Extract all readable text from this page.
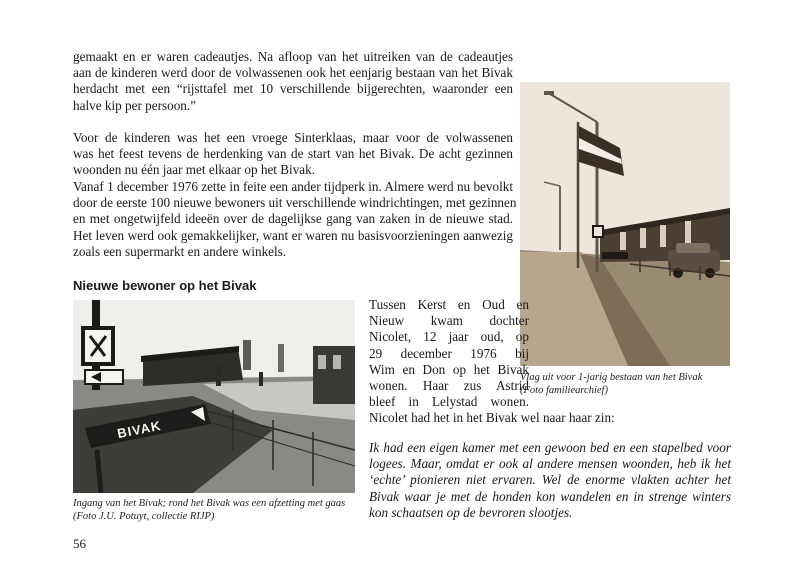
gemaakt en er waren cadeautjes. Na afloop van het uitreiken van de cadeautjes
aan de kinderen werd door de volwassenen ook het eenjarig bestaan van het Bivak
herdacht met een “rijsttafel met 10 verschillende bijgerechten, waaronder een
halve kip per persoon.”

Voor de kinderen was het een vroege Sinterklaas, maar voor de volwassenen
was het feest tevens de herdenking van de start van het Bivak. De acht gezinnen
woonden nu één jaar met elkaar op het Bivak.

Vanaf 1 december 1976 zette in feite een ander tijdperk in. Almere werd nu bevolkt
door de eerste 100 nieuwe bewoners uit verschillende windrichtingen, met gezinnen
en met ongetwijfeld ideeën over de dagelijkse gang van zaken in de nieuwe stad.
Het leven werd ook gemakkelijker, want er waren nu basisvoorzieningen aanwezig
zoals een supermarkt en andere winkels.

Nieuwe bewoner op het Bivak

Vlag uit voor 1-jarig bestaan van het Bivak
(Foto familiearchief)

BIVAK

Ingang van het Bivak; rond het Bivak was een afzetting met gaas
(Foto J.U. Potuyt, collectie RIJP)

Tussen Kerst en Oud en
Nieuw kwam dochter
Nicolet, 12 jaar oud, op
29 december 1976 bij
Wim en Don op het Bivak
wonen. Haar zus Astrid
bleef in Lelystad wonen.

Nicolet had het in het Bivak wel naar haar zin:

Ik had een eigen kamer met een gewoon bed en een stapelbed voor
logees. Maar, omdat er ook al andere mensen woonden, heb ik het
‘echte’ pionieren niet ervaren. Wel de enorme vlakten achter het
Bivak waar je met de honden kon wandelen en in strenge winters
kon schaatsen op de bevroren slootjes.

56
